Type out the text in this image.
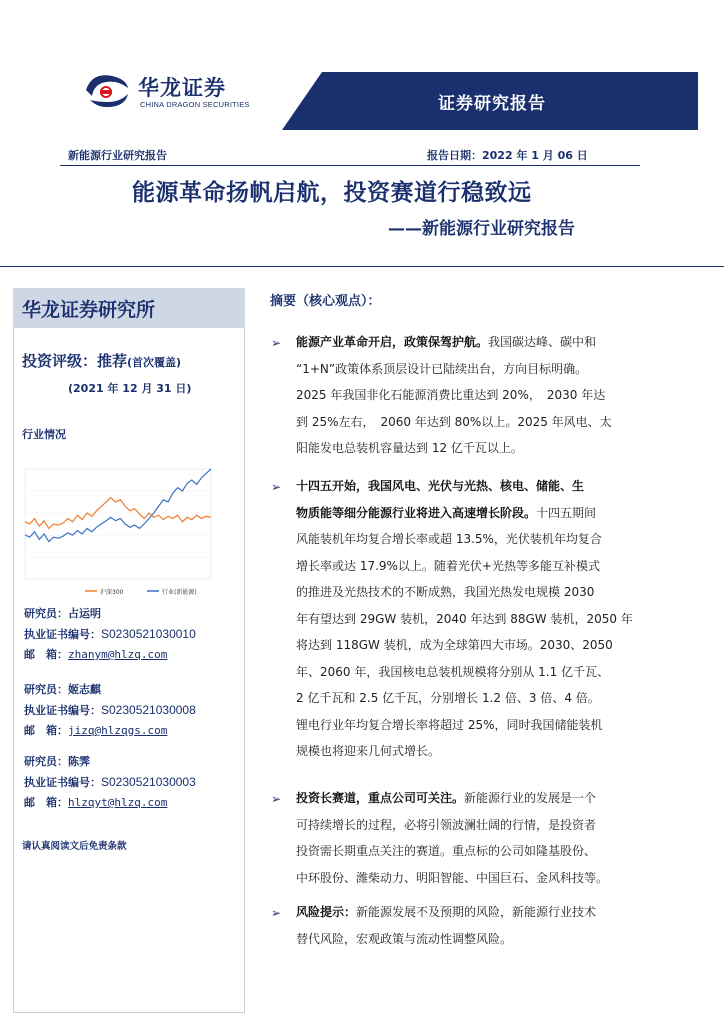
华龙证券
CHINA DRAGON SECURITIES	证券研究报告
新能源行业研究报告	报告日期：2022 年 1 月 06 日
能源革命扬帆启航，投资赛道行稳致远
——新能源行业研究报告
华龙证券研究所
投资评级：推荐(首次覆盖)
(2021 年 12 月 31 日)
行业情况
沪深300	行业(新能源)
研究员：占运明
执业证书编号：S0230521030010
邮　箱：zhanym@hlzq.com
研究员：姬志麒
执业证书编号：S0230521030008
邮　箱：jizq@hlzqgs.com
研究员：陈霁
执业证书编号：S0230521030003
邮　箱：hlzqyt@hlzq.com
请认真阅读文后免责条款
摘要（核心观点）：
➢ 能源产业革命开启，政策保驾护航。我国碳达峰、碳中和
“1+N”政策体系顶层设计已陆续出台，方向目标明确。
2025 年我国非化石能源消费比重达到 20%，　2030 年达
到 25%左右，　2060 年达到 80%以上。2025 年风电、太
阳能发电总装机容量达到 12 亿千瓦以上。
➢ 十四五开始，我国风电、光伏与光热、核电、储能、生
物质能等细分能源行业将进入高速增长阶段。十四五期间
风能装机年均复合增长率或超 13.5%，光伏装机年均复合
增长率或达 17.9%以上。随着光伏+光热等多能互补模式
的推进及光热技术的不断成熟，我国光热发电规模 2030
年有望达到 29GW 装机，2040 年达到 88GW 装机，2050 年
将达到 118GW 装机，成为全球第四大市场。2030、2050
年、2060 年，我国核电总装机规模将分别从 1.1 亿千瓦、
2 亿千瓦和 2.5 亿千瓦，分别增长 1.2 倍、3 倍、4 倍。
锂电行业年均复合增长率将超过 25%，同时我国储能装机
规模也将迎来几何式增长。
➢ 投资长赛道，重点公司可关注。新能源行业的发展是一个
可持续增长的过程，必将引领波澜壮阔的行情，是投资者
投资需长期重点关注的赛道。重点标的公司如隆基股份、
中环股份、潍柴动力、明阳智能、中国巨石、金风科技等。
➢ 风险提示：新能源发展不及预期的风险，新能源行业技术
替代风险，宏观政策与流动性调整风险。
